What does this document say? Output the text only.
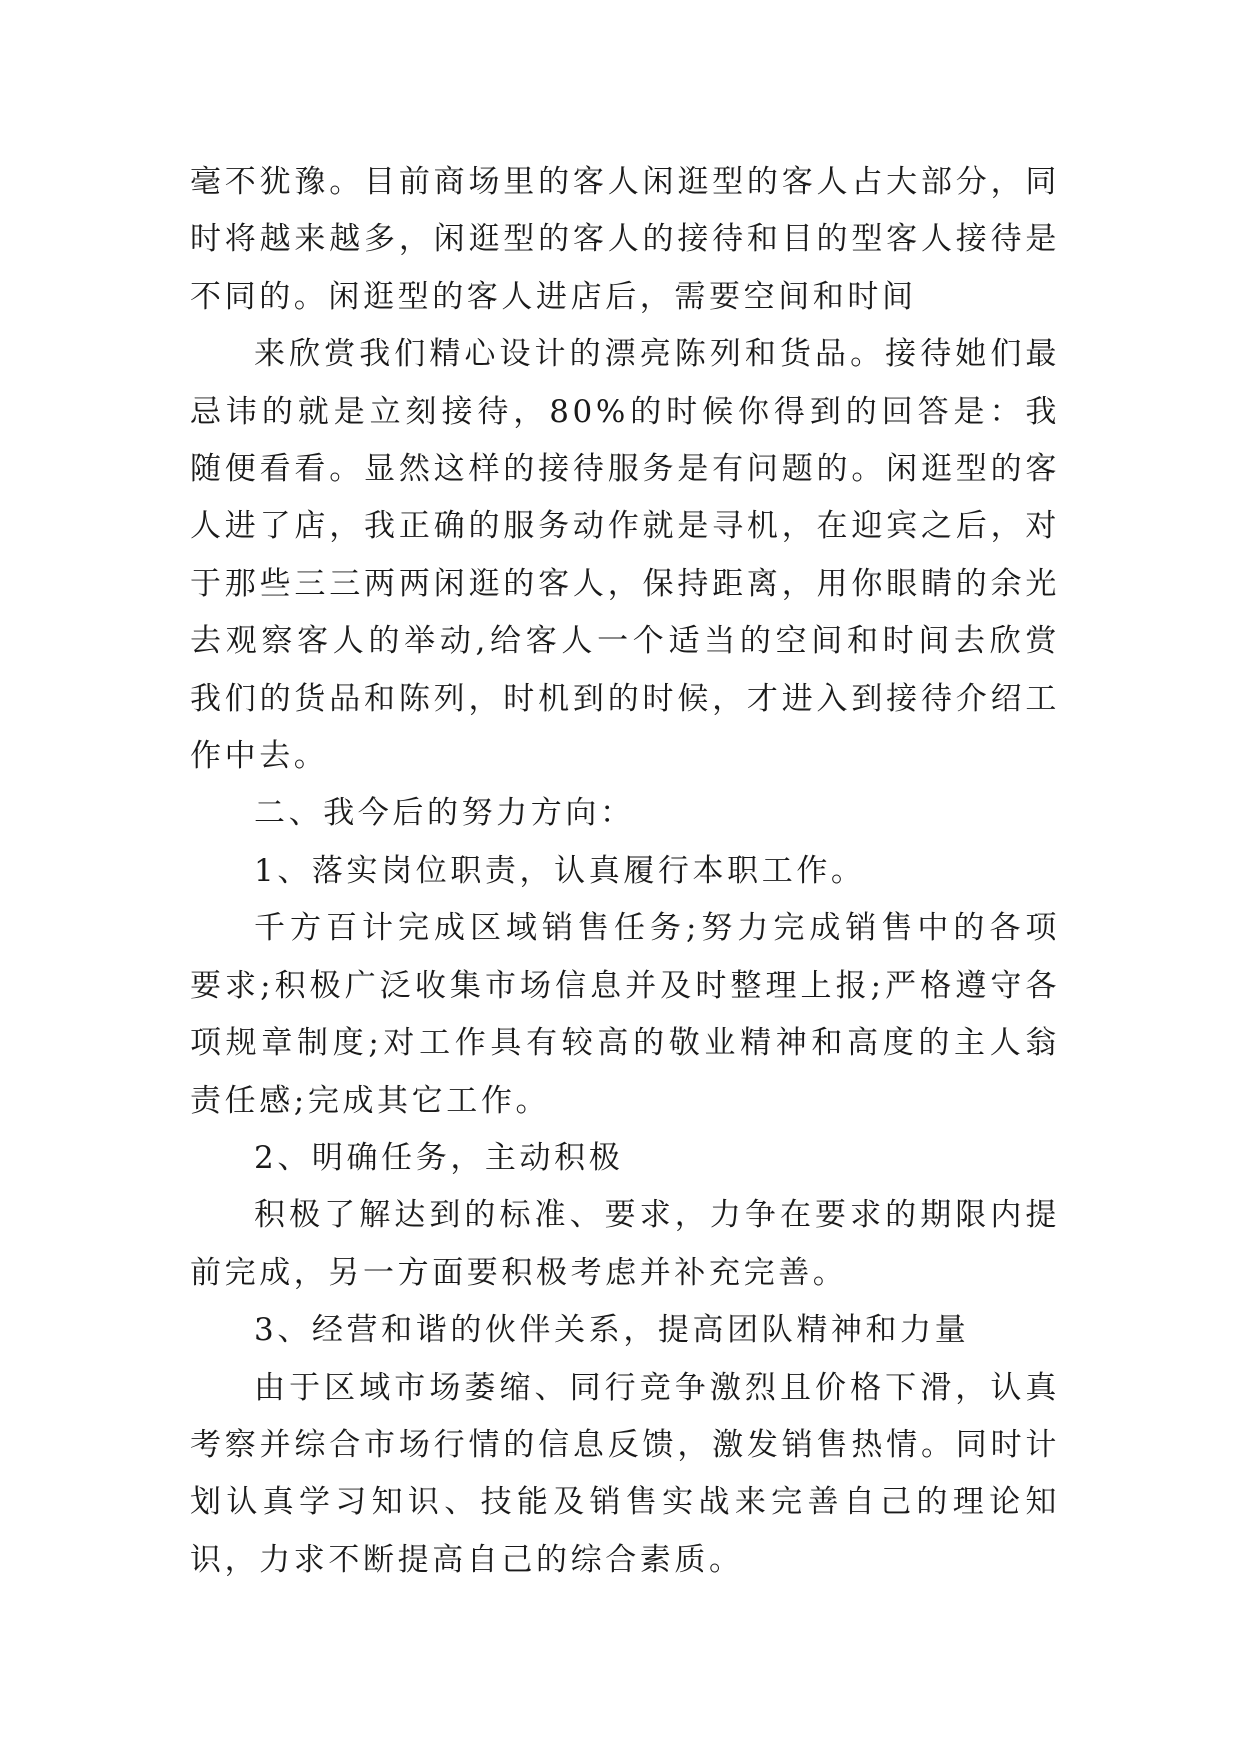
毫不犹豫。目前商场里的客人闲逛型的客人占大部分，同时将越来越多，闲逛型的客人的接待和目的型客人接待是不同的。闲逛型的客人进店后，需要空间和时间

来欣赏我们精心设计的漂亮陈列和货品。接待她们最忌讳的就是立刻接待，80%的时候你得到的回答是：我随便看看。显然这样的接待服务是有问题的。闲逛型的客人进了店，我正确的服务动作就是寻机，在迎宾之后，对于那些三三两两闲逛的客人，保持距离，用你眼睛的余光去观察客人的举动,给客人一个适当的空间和时间去欣赏我们的货品和陈列，时机到的时候，才进入到接待介绍工作中去。

二、我今后的努力方向：

1、落实岗位职责，认真履行本职工作。

千方百计完成区域销售任务;努力完成销售中的各项要求;积极广泛收集市场信息并及时整理上报;严格遵守各项规章制度;对工作具有较高的敬业精神和高度的主人翁责任感;完成其它工作。

2、明确任务，主动积极

积极了解达到的标准、要求，力争在要求的期限内提前完成，另一方面要积极考虑并补充完善。

3、经营和谐的伙伴关系，提高团队精神和力量

由于区域市场萎缩、同行竞争激烈且价格下滑，认真考察并综合市场行情的信息反馈，激发销售热情。同时计划认真学习知识、技能及销售实战来完善自己的理论知识，力求不断提高自己的综合素质。
